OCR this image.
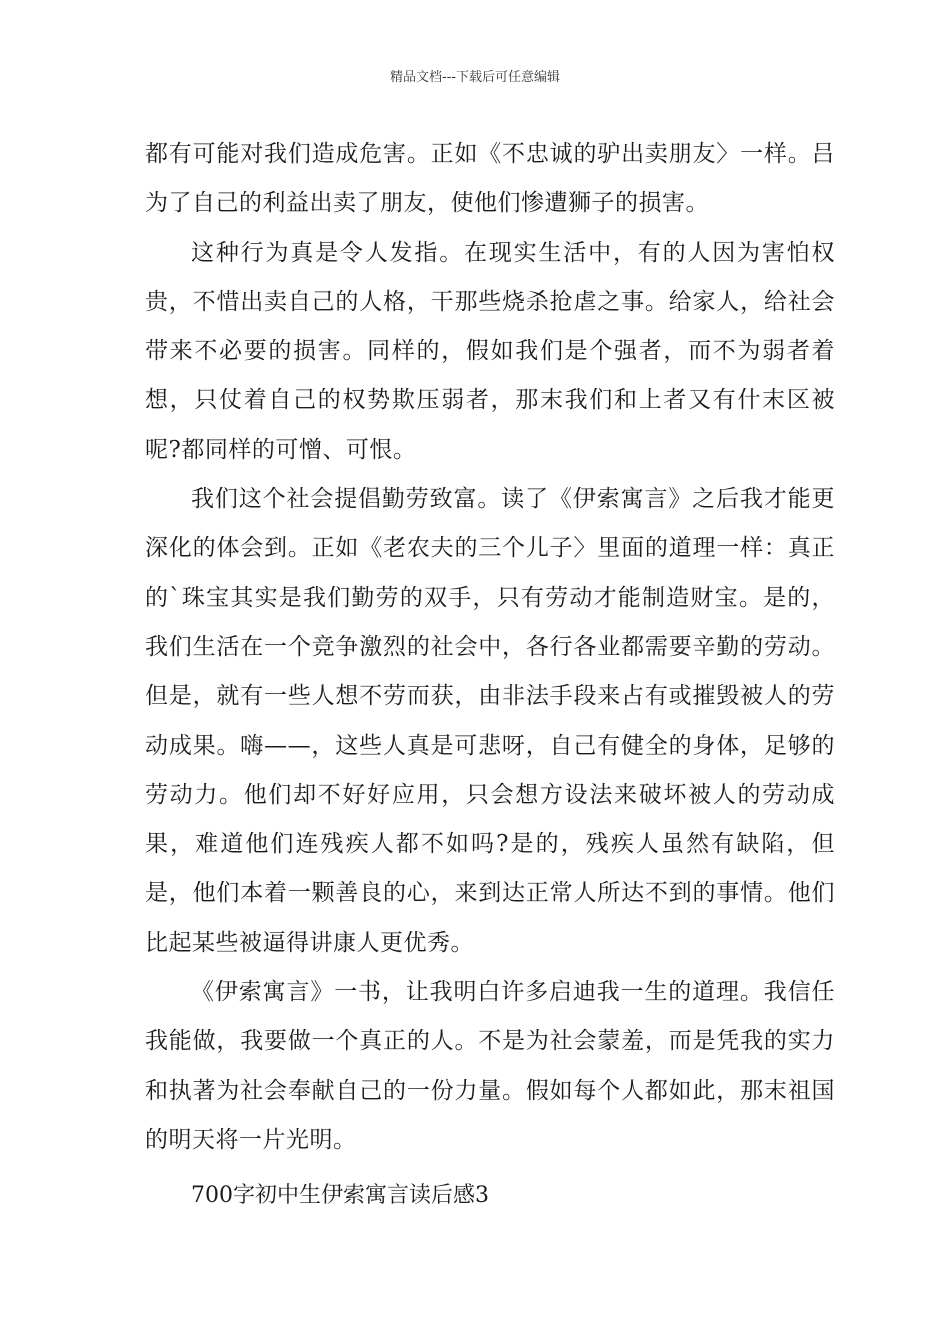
精品文档---下载后可任意编辑

都有可能对我们造成危害。正如《不忠诚的驴出卖朋友〉一样。吕为了自己的利益出卖了朋友，使他们惨遭狮子的损害。

这种行为真是令人发指。在现实生活中，有的人因为害怕权贵，不惜出卖自己的人格，干那些烧杀抢虐之事。给家人，给社会带来不必要的损害。同样的，假如我们是个强者，而不为弱者着想，只仗着自己的权势欺压弱者，那末我们和上者又有什末区被呢?都同样的可憎、可恨。

我们这个社会提倡勤劳致富。读了《伊索寓言》之后我才能更深化的体会到。正如《老农夫的三个儿子〉里面的道理一样：真正的`珠宝其实是我们勤劳的双手，只有劳动才能制造财宝。是的，我们生活在一个竞争激烈的社会中，各行各业都需要辛勤的劳动。但是，就有一些人想不劳而获，由非法手段来占有或摧毁被人的劳动成果。嗨——，这些人真是可悲呀，自己有健全的身体，足够的劳动力。他们却不好好应用，只会想方设法来破坏被人的劳动成果，难道他们连残疾人都不如吗?是的，残疾人虽然有缺陷，但是，他们本着一颗善良的心，来到达正常人所达不到的事情。他们比起某些被逼得讲康人更优秀。

《伊索寓言》一书，让我明白许多启迪我一生的道理。我信任我能做，我要做一个真正的人。不是为社会蒙羞，而是凭我的实力和执著为社会奉献自己的一份力量。假如每个人都如此，那末祖国的明天将一片光明。

700字初中生伊索寓言读后感3
